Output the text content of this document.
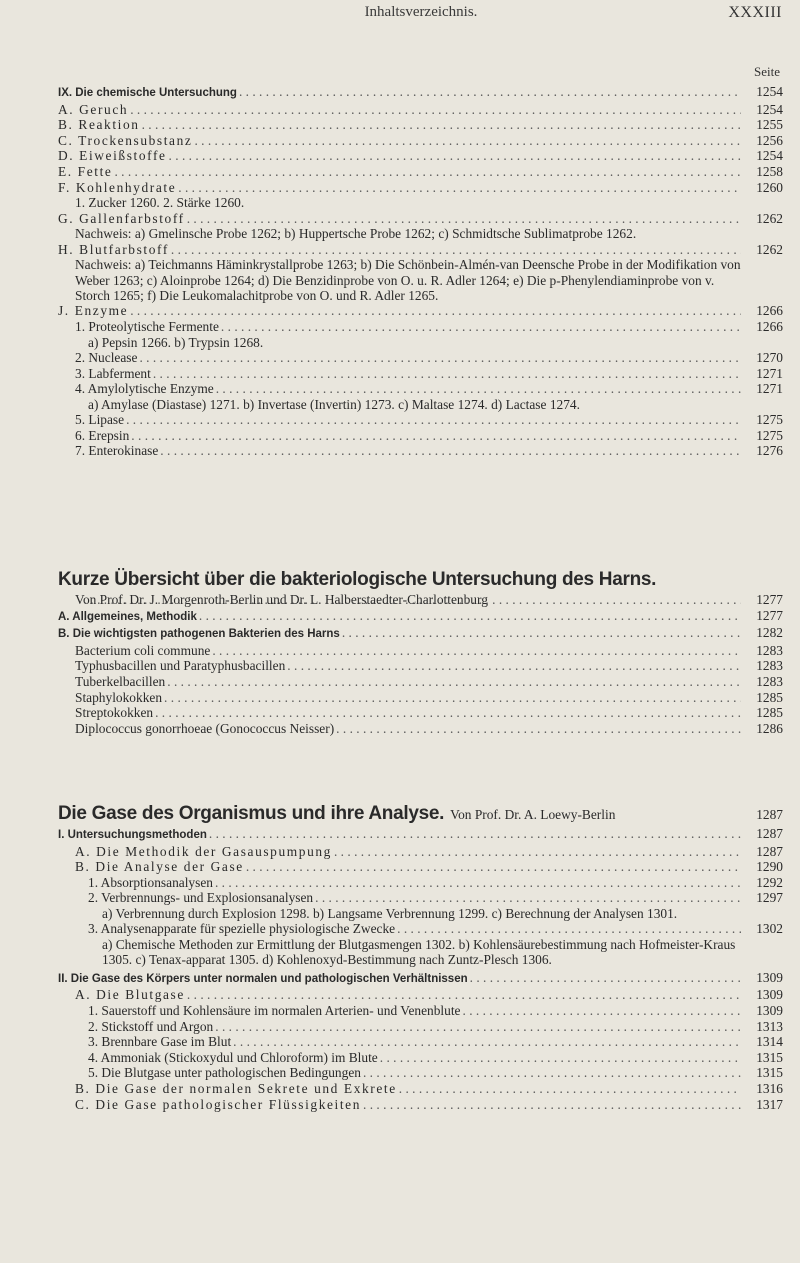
Inhaltsverzeichnis.	XXXIII
Seite
IX. Die chemische Untersuchung . . .	1254
A. Geruch . . .	1254
B. Reaktion . . .	1255
C. Trockensubstanz . . .	1256
D. Eiweißstoffe . . .	1254
E. Fette . . .	1258
F. Kohlenhydrate . . .	1260
1. Zucker 1260. 2. Stärke 1260.
G. Gallenfarbstoff . . .	1262
Nachweis: a) Gmelinsche Probe 1262; b) Huppertsche Probe 1262; c) Schmidtsche Sublimatprobe 1262.
H. Blutfarbstoff . . .	1262
Nachweis: a) Teichmanns Häminkrystallprobe 1263; b) Die Schönbein-Almén-van Deensche Probe in der Modifikation von Weber 1263; c) Aloinprobe 1264; d) Die Benzidinprobe von O. u. R. Adler 1264; e) Die p-Phenylendiaminprobe von v. Storch 1265; f) Die Leukomalachitprobe von O. und R. Adler 1265.
J. Enzyme . . .	1266
1. Proteolytische Fermente . . .	1266
a) Pepsin 1266. b) Trypsin 1268.
2. Nuclease . . .	1270
3. Labferment . . .	1271
4. Amylolytische Enzyme . . .	1271
a) Amylase (Diastase) 1271. b) Invertase (Invertin) 1273. c) Maltase 1274. d) Lactase 1274.
5. Lipase . . .	1275
6. Erepsin . . .	1275
7. Enterokinase . . .	1276
Kurze Übersicht über die bakteriologische Untersuchung des Harns.
Von Prof. Dr. J. Morgenroth-Berlin und Dr. L. Halberstaedter-Charlottenburg . . .	1277
A. Allgemeines, Methodik . . .	1277
B. Die wichtigsten pathogenen Bakterien des Harns . . .	1282
Bacterium coli commune . . .	1283
Typhusbacillen und Paratyphusbacillen . . .	1283
Tuberkelbacillen . . .	1283
Staphylokokken . . .	1285
Streptokokken . . .	1285
Diplococcus gonorrhoeae (Gonococcus Neisser) . . .	1286
Die Gase des Organismus und ihre Analyse. Von Prof. Dr. A. Loewy-Berlin	1287
I. Untersuchungsmethoden . . .	1287
A. Die Methodik der Gasauspumpung . . .	1287
B. Die Analyse der Gase . . .	1290
1. Absorptionsanalysen . . .	1292
2. Verbrennungs- und Explosionsanalysen . . .	1297
a) Verbrennung durch Explosion 1298. b) Langsame Verbrennung 1299. c) Berechnung der Analysen 1301.
3. Analysenapparate für spezielle physiologische Zwecke . . .	1302
a) Chemische Methoden zur Ermittlung der Blutgasmengen 1302. b) Kohlensäurebestimmung nach Hofmeister-Kraus 1305. c) Tenax-apparat 1305. d) Kohlenoxyd-Bestimmung nach Zuntz-Plesch 1306.
II. Die Gase des Körpers unter normalen und pathologischen Verhältnissen . . .	1309
A. Die Blutgase . . .	1309
1. Sauerstoff und Kohlensäure im normalen Arterien- und Venenblute . . .	1309
2. Stickstoff und Argon . . .	1313
3. Brennbare Gase im Blut . . .	1314
4. Ammoniak (Stickoxydul und Chloroform) im Blute . . .	1315
5. Die Blutgase unter pathologischen Bedingungen . . .	1315
B. Die Gase der normalen Sekrete und Exkrete . . .	1316
C. Die Gase pathologischer Flüssigkeiten . . .	1317
